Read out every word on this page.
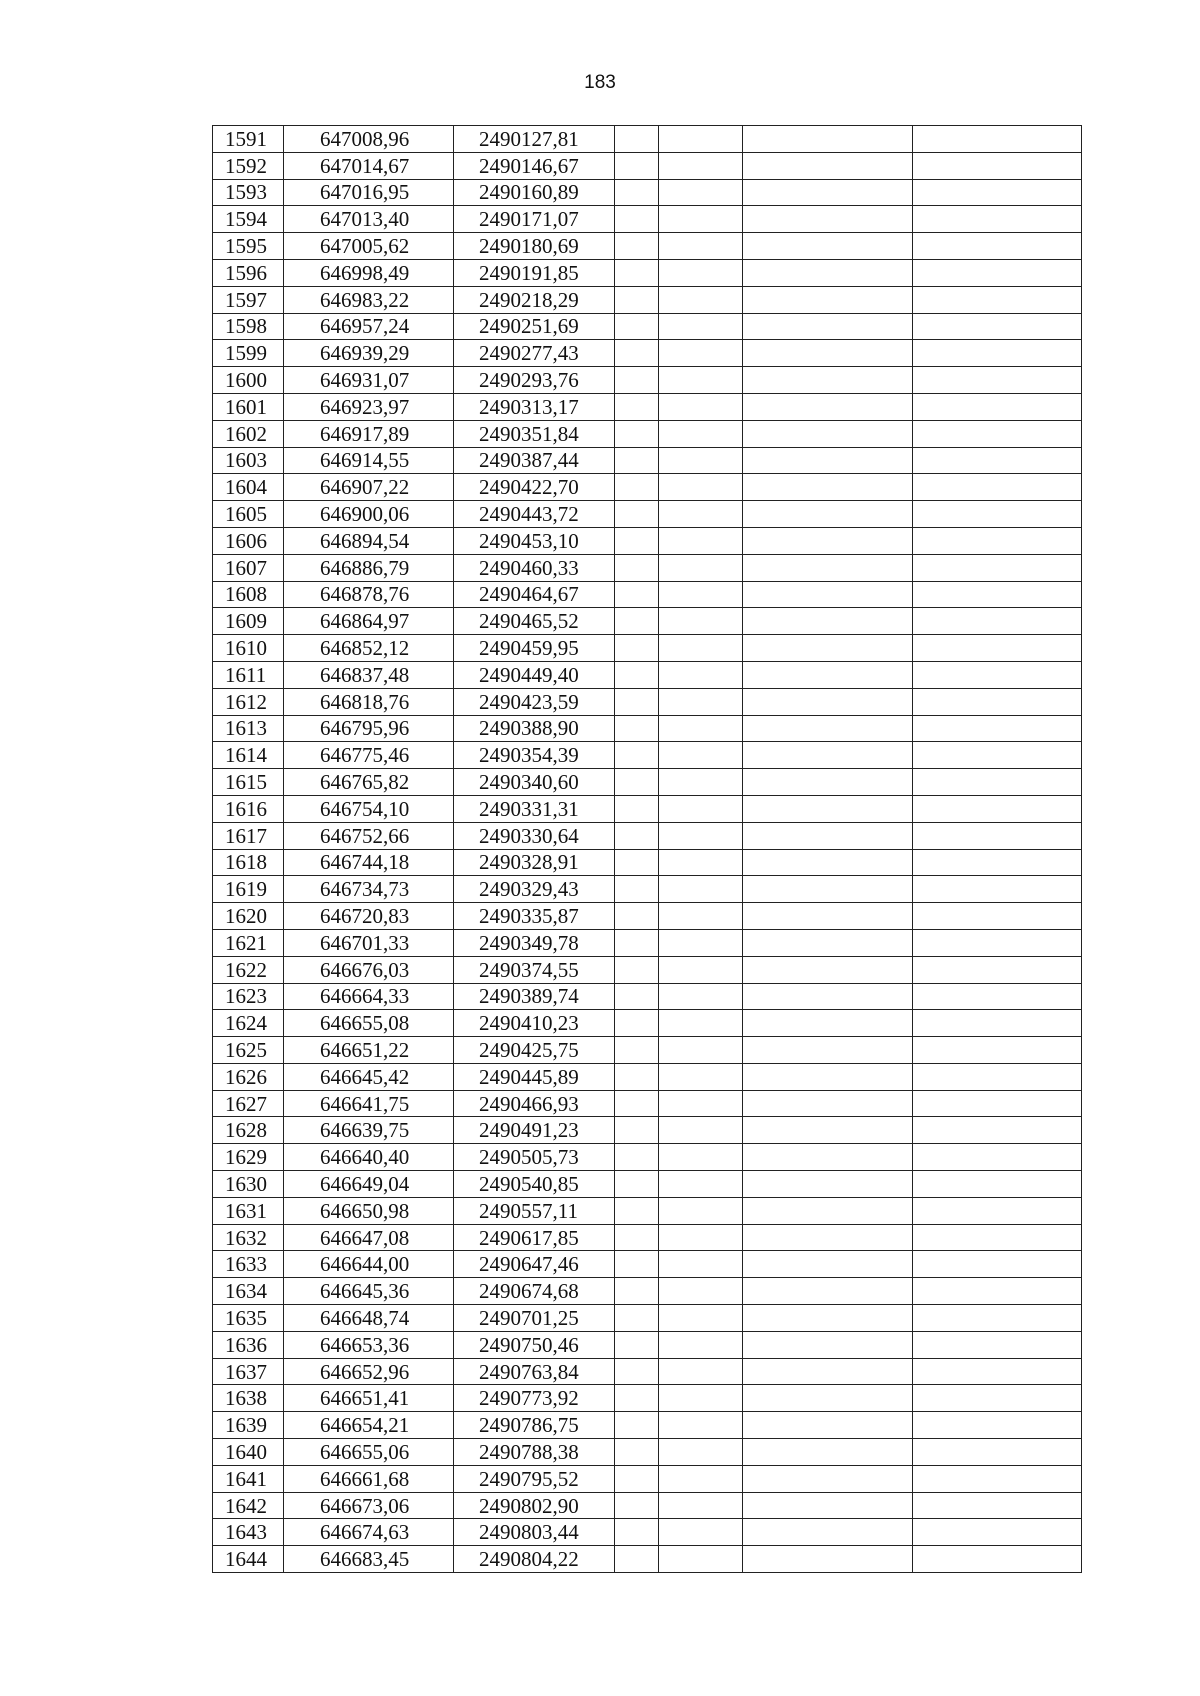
183
1591	647008,96	2490127,81				
1592	647014,67	2490146,67				
1593	647016,95	2490160,89				
1594	647013,40	2490171,07				
1595	647005,62	2490180,69				
1596	646998,49	2490191,85				
1597	646983,22	2490218,29				
1598	646957,24	2490251,69				
1599	646939,29	2490277,43				
1600	646931,07	2490293,76				
1601	646923,97	2490313,17				
1602	646917,89	2490351,84				
1603	646914,55	2490387,44				
1604	646907,22	2490422,70				
1605	646900,06	2490443,72				
1606	646894,54	2490453,10				
1607	646886,79	2490460,33				
1608	646878,76	2490464,67				
1609	646864,97	2490465,52				
1610	646852,12	2490459,95				
1611	646837,48	2490449,40				
1612	646818,76	2490423,59				
1613	646795,96	2490388,90				
1614	646775,46	2490354,39				
1615	646765,82	2490340,60				
1616	646754,10	2490331,31				
1617	646752,66	2490330,64				
1618	646744,18	2490328,91				
1619	646734,73	2490329,43				
1620	646720,83	2490335,87				
1621	646701,33	2490349,78				
1622	646676,03	2490374,55				
1623	646664,33	2490389,74				
1624	646655,08	2490410,23				
1625	646651,22	2490425,75				
1626	646645,42	2490445,89				
1627	646641,75	2490466,93				
1628	646639,75	2490491,23				
1629	646640,40	2490505,73				
1630	646649,04	2490540,85				
1631	646650,98	2490557,11				
1632	646647,08	2490617,85				
1633	646644,00	2490647,46				
1634	646645,36	2490674,68				
1635	646648,74	2490701,25				
1636	646653,36	2490750,46				
1637	646652,96	2490763,84				
1638	646651,41	2490773,92				
1639	646654,21	2490786,75				
1640	646655,06	2490788,38				
1641	646661,68	2490795,52				
1642	646673,06	2490802,90				
1643	646674,63	2490803,44				
1644	646683,45	2490804,22				
